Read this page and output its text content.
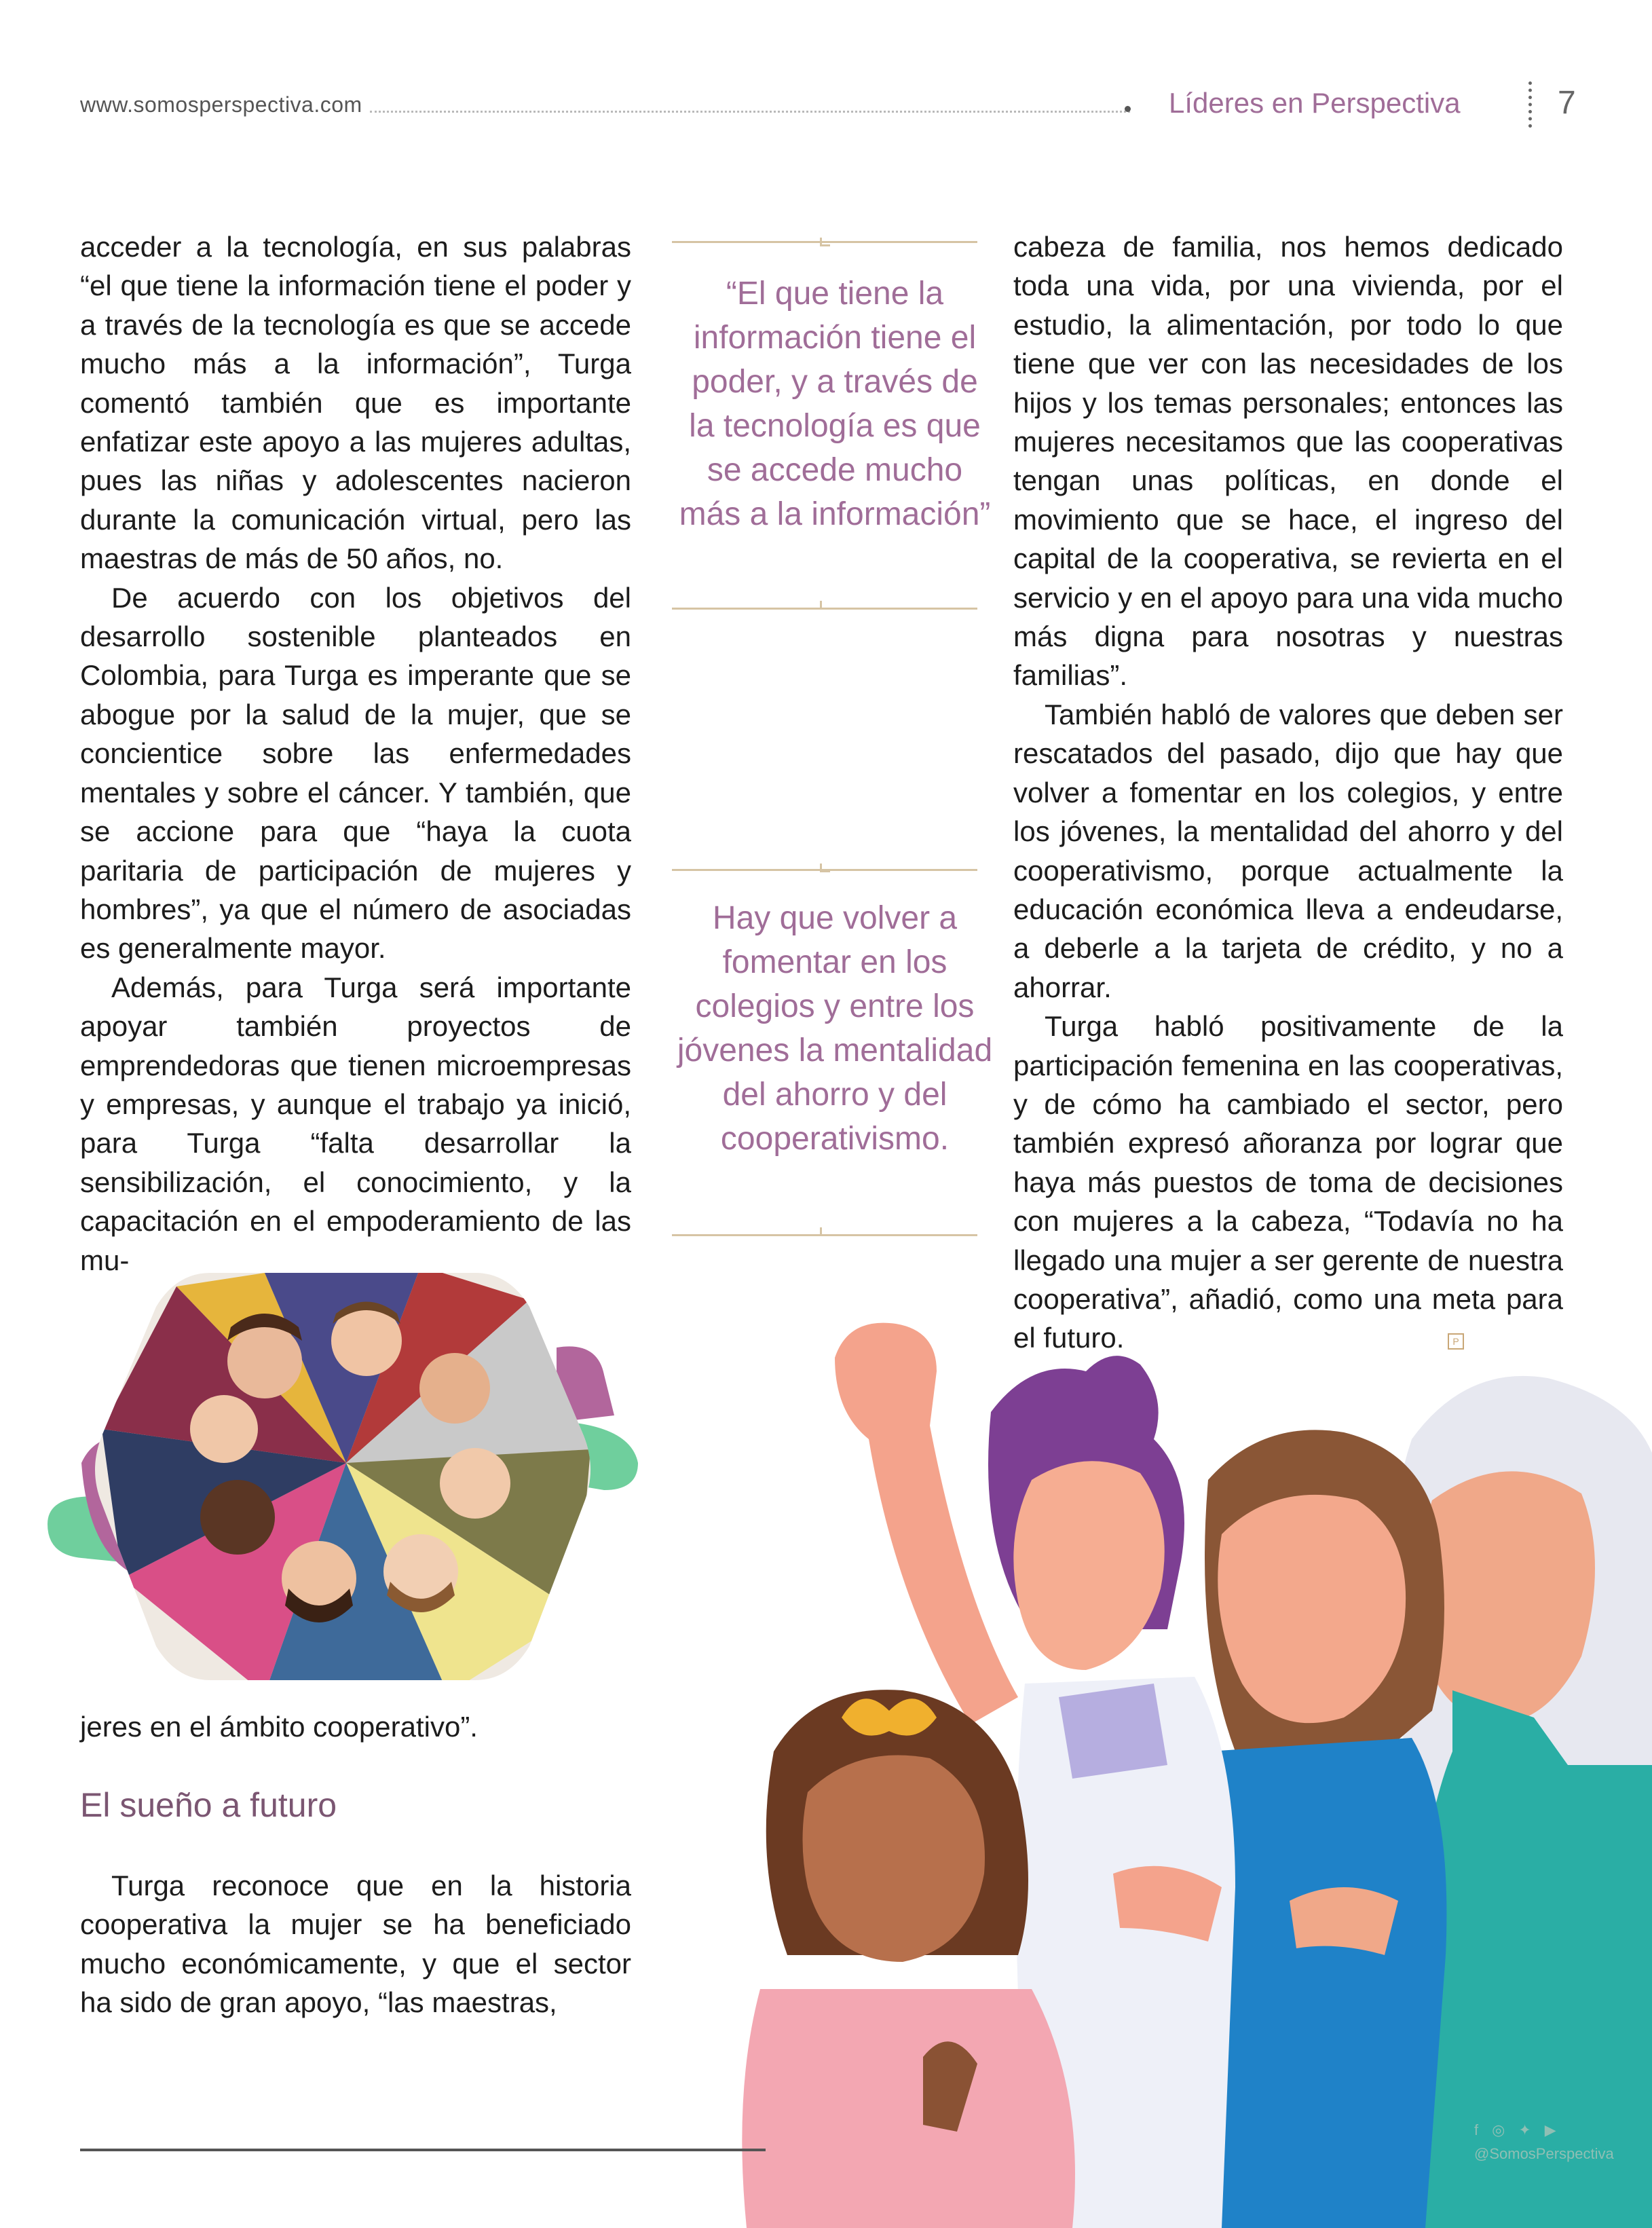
www.somosperspectiva.com	Líderes en Perspectiva	7

acceder a la tecnología, en sus palabras “el que tiene la información tiene el poder y a través de la tecnología es que se accede mucho más a la información”, Turga comentó también que es importante enfatizar este apoyo a las mujeres adultas, pues las niñas y adolescentes nacieron durante la comunicación virtual, pero las maestras de más de 50 años, no.

De acuerdo con los objetivos del desarrollo sostenible planteados en Colombia, para Turga es imperante que se abogue por la salud de la mujer, que se concientice sobre las enfermedades mentales y sobre el cáncer. Y también, que se accione para que “haya la cuota paritaria de participación de mujeres y hombres”, ya que el número de asociadas es generalmente mayor.

Además, para Turga será importante apoyar también proyectos de emprendedoras que tienen microempresas y empresas, y aunque el trabajo ya inició, para Turga “falta desarrollar la sensibilización, el conocimiento, y la capacitación en el empoderamiento de las mu-

jeres en el ámbito cooperativo”.
El sueño a futuro

Turga reconoce que en la historia cooperativa la mujer se ha beneficiado mucho económicamente, y que el sector ha sido de gran apoyo, “las maestras,

“El que tiene la información tiene el poder, y a través de la tecnología es que se accede mucho más a la información”
Hay que volver a fomentar en los colegios y entre los jóvenes la mentalidad del ahorro y del cooperativismo.

cabeza de familia, nos hemos dedicado toda una vida, por una vivienda, por el estudio, la alimentación, por todo lo que tiene que ver con las necesidades de los hijos y los temas personales; entonces las mujeres necesitamos que las cooperativas tengan unas políticas, en donde el movimiento que se hace, el ingreso del capital de la cooperativa, se revierta en el servicio y en el apoyo para una vida mucho más digna para nosotras y nuestras familias”.

También habló de valores que deben ser rescatados del pasado, dijo que hay que volver a fomentar en los colegios, y entre los jóvenes, la mentalidad del ahorro y del cooperativismo, porque actualmente la educación económica lleva a endeudarse, a deberle a la tarjeta de crédito, y no a ahorrar.

Turga habló positivamente de la participación femenina en las cooperativas, y de cómo ha cambiado el sector, pero también expresó añoranza por lograr que haya más puestos de toma de decisiones con mujeres a la cabeza, “Todavía no ha llegado una mujer a ser gerente de nuestra cooperativa”, añadió, como una meta para el futuro.	P
f◎✦▶
@SomosPerspectiva
